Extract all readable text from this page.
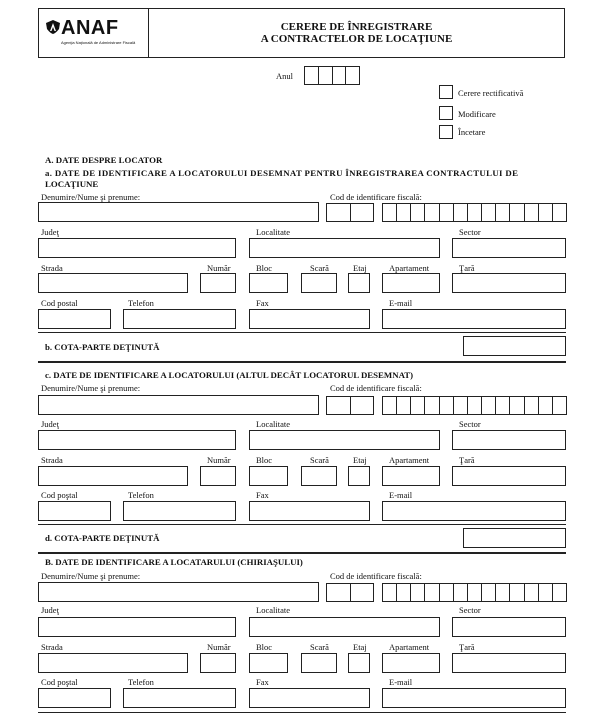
ANAF
Agenţia Naţională de Administrare Fiscală
CERERE DE ÎNREGISTRARE
A CONTRACTELOR DE LOCAŢIUNE
Anul
Cerere rectificativă
Modificare
Încetare
A. DATE DESPRE LOCATOR
a. DATE DE IDENTIFICARE A LOCATORULUI DESEMNAT PENTRU ÎNREGISTRAREA CONTRACTULUI DE
LOCAŢIUNE
Denumire/Nume şi prenume:	Cod de identificare fiscală:
Judeţ	Localitate	Sector
Strada	Număr	Bloc	Scară	Etaj	Apartament	Ţară
Cod postal	Telefon	Fax	E-mail
b. COTA-PARTE DEŢINUTĂ
c. DATE DE IDENTIFICARE A LOCATORULUI (ALTUL DECÂT LOCATORUL DESEMNAT)
Denumire/Nume şi prenume:	Cod de identificare fiscală:
Judeţ	Localitate	Sector
Strada	Număr	Bloc	Scară	Etaj	Apartament	Ţară
Cod poştal	Telefon	Fax	E-mail
d. COTA-PARTE DEŢINUTĂ
B. DATE DE IDENTIFICARE A LOCATARULUI (CHIRIAŞULUI)
Denumire/Nume şi prenume:	Cod de identificare fiscală:
Judeţ	Localitate	Sector
Strada	Număr	Bloc	Scară	Etaj	Apartament	Ţară
Cod poştal	Telefon	Fax	E-mail
